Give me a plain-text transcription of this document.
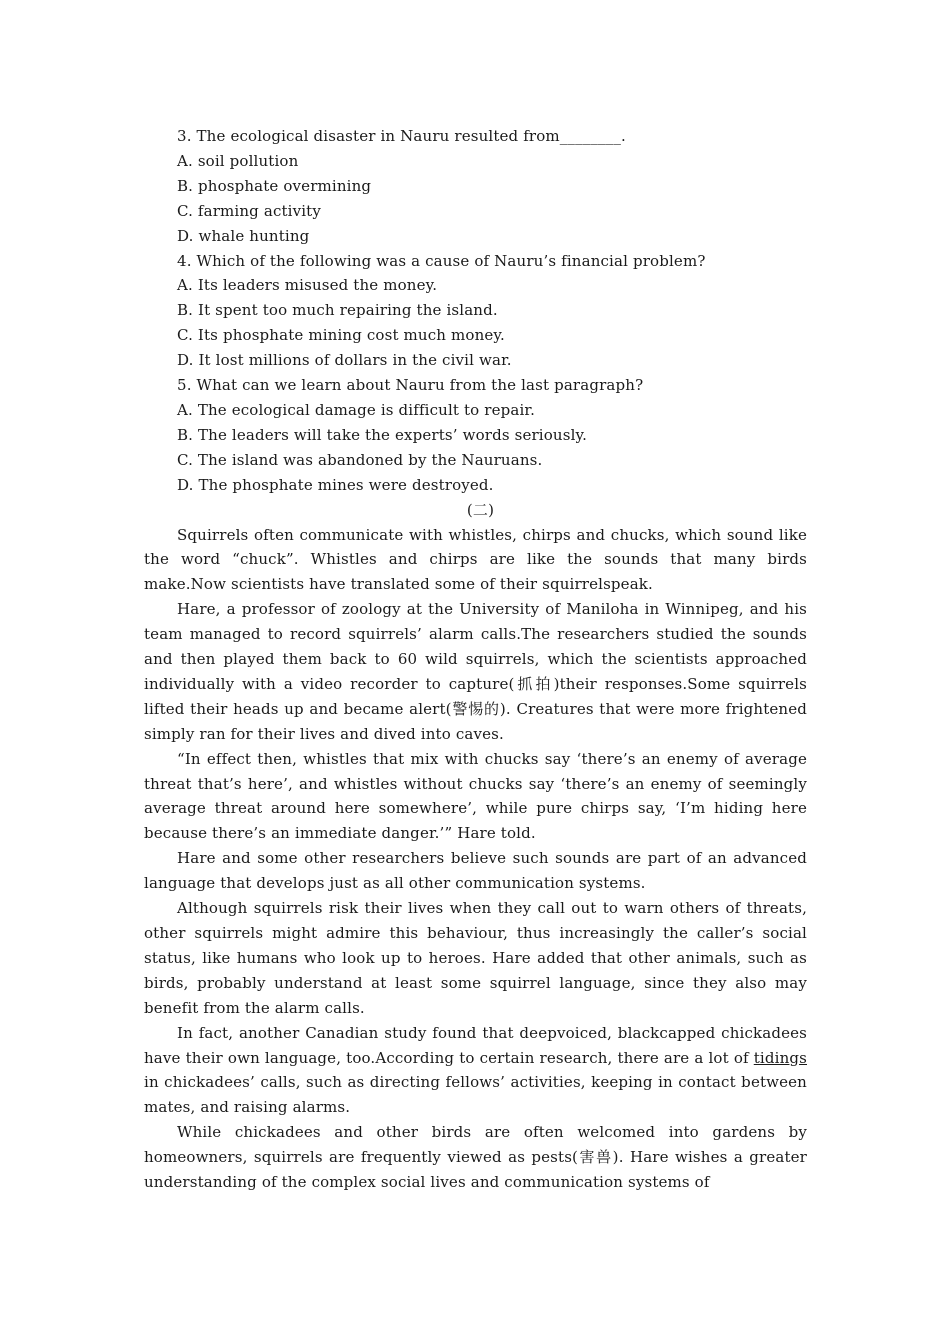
3. The ecological disaster in Nauru resulted from________.

A. soil pollution

B. phosphate overmining

C. farming activity

D. whale hunting

4. Which of the following was a cause of Nauru’s financial problem?

A. Its leaders misused the money.

B. It spent too much repairing the island.

C. Its phosphate mining cost much money.

D. It lost millions of dollars in the civil war.

5. What can we learn about Nauru from the last paragraph?

A. The ecological damage is difficult to repair.

B. The leaders will take the experts’ words seriously.

C. The island was abandoned by the Nauruans.

D. The phosphate mines were destroyed.

(二)

Squirrels often communicate with whistles, chirps and chucks, which sound like the word “chuck”. Whistles and chirps are like the sounds that many birds make.Now scientists have translated some of their squirrelspeak.

Hare, a professor of zoology at the University of Maniloha in Winnipeg, and his team managed to record squirrels’ alarm calls.The researchers studied the sounds and then played them back to 60 wild squirrels, which the scientists approached individually with a video recorder to capture(抓拍)their responses.Some squirrels lifted their heads up and became alert(警惕的). Creatures that were more frightened simply ran for their lives and dived into caves.

“In effect then, whistles that mix with chucks say ‘there’s an enemy of average threat that’s here’, and whistles without chucks say ‘there’s an enemy of seemingly average threat around here somewhere’, while pure chirps say, ‘I’m hiding here because there’s an immediate danger.’” Hare told.

Hare and some other researchers believe such sounds are part of an advanced language that develops just as all other communication systems.

Although squirrels risk their lives when they call out to warn others of threats, other squirrels might admire this behaviour, thus increasingly the caller’s social status, like humans who look up to heroes. Hare added that other animals, such as birds, probably understand at least some squirrel language, since they also may benefit from the alarm calls.

In fact, another Canadian study found that deepvoiced, blackcapped chickadees have their own language, too.According to certain research, there are a lot of tidings in chickadees’ calls, such as directing fellows’ activities, keeping in contact between mates, and raising alarms.

While chickadees and other birds are often welcomed into gardens by homeowners, squirrels are frequently viewed as pests(害兽). Hare wishes a greater understanding of the complex social lives and communication systems of
